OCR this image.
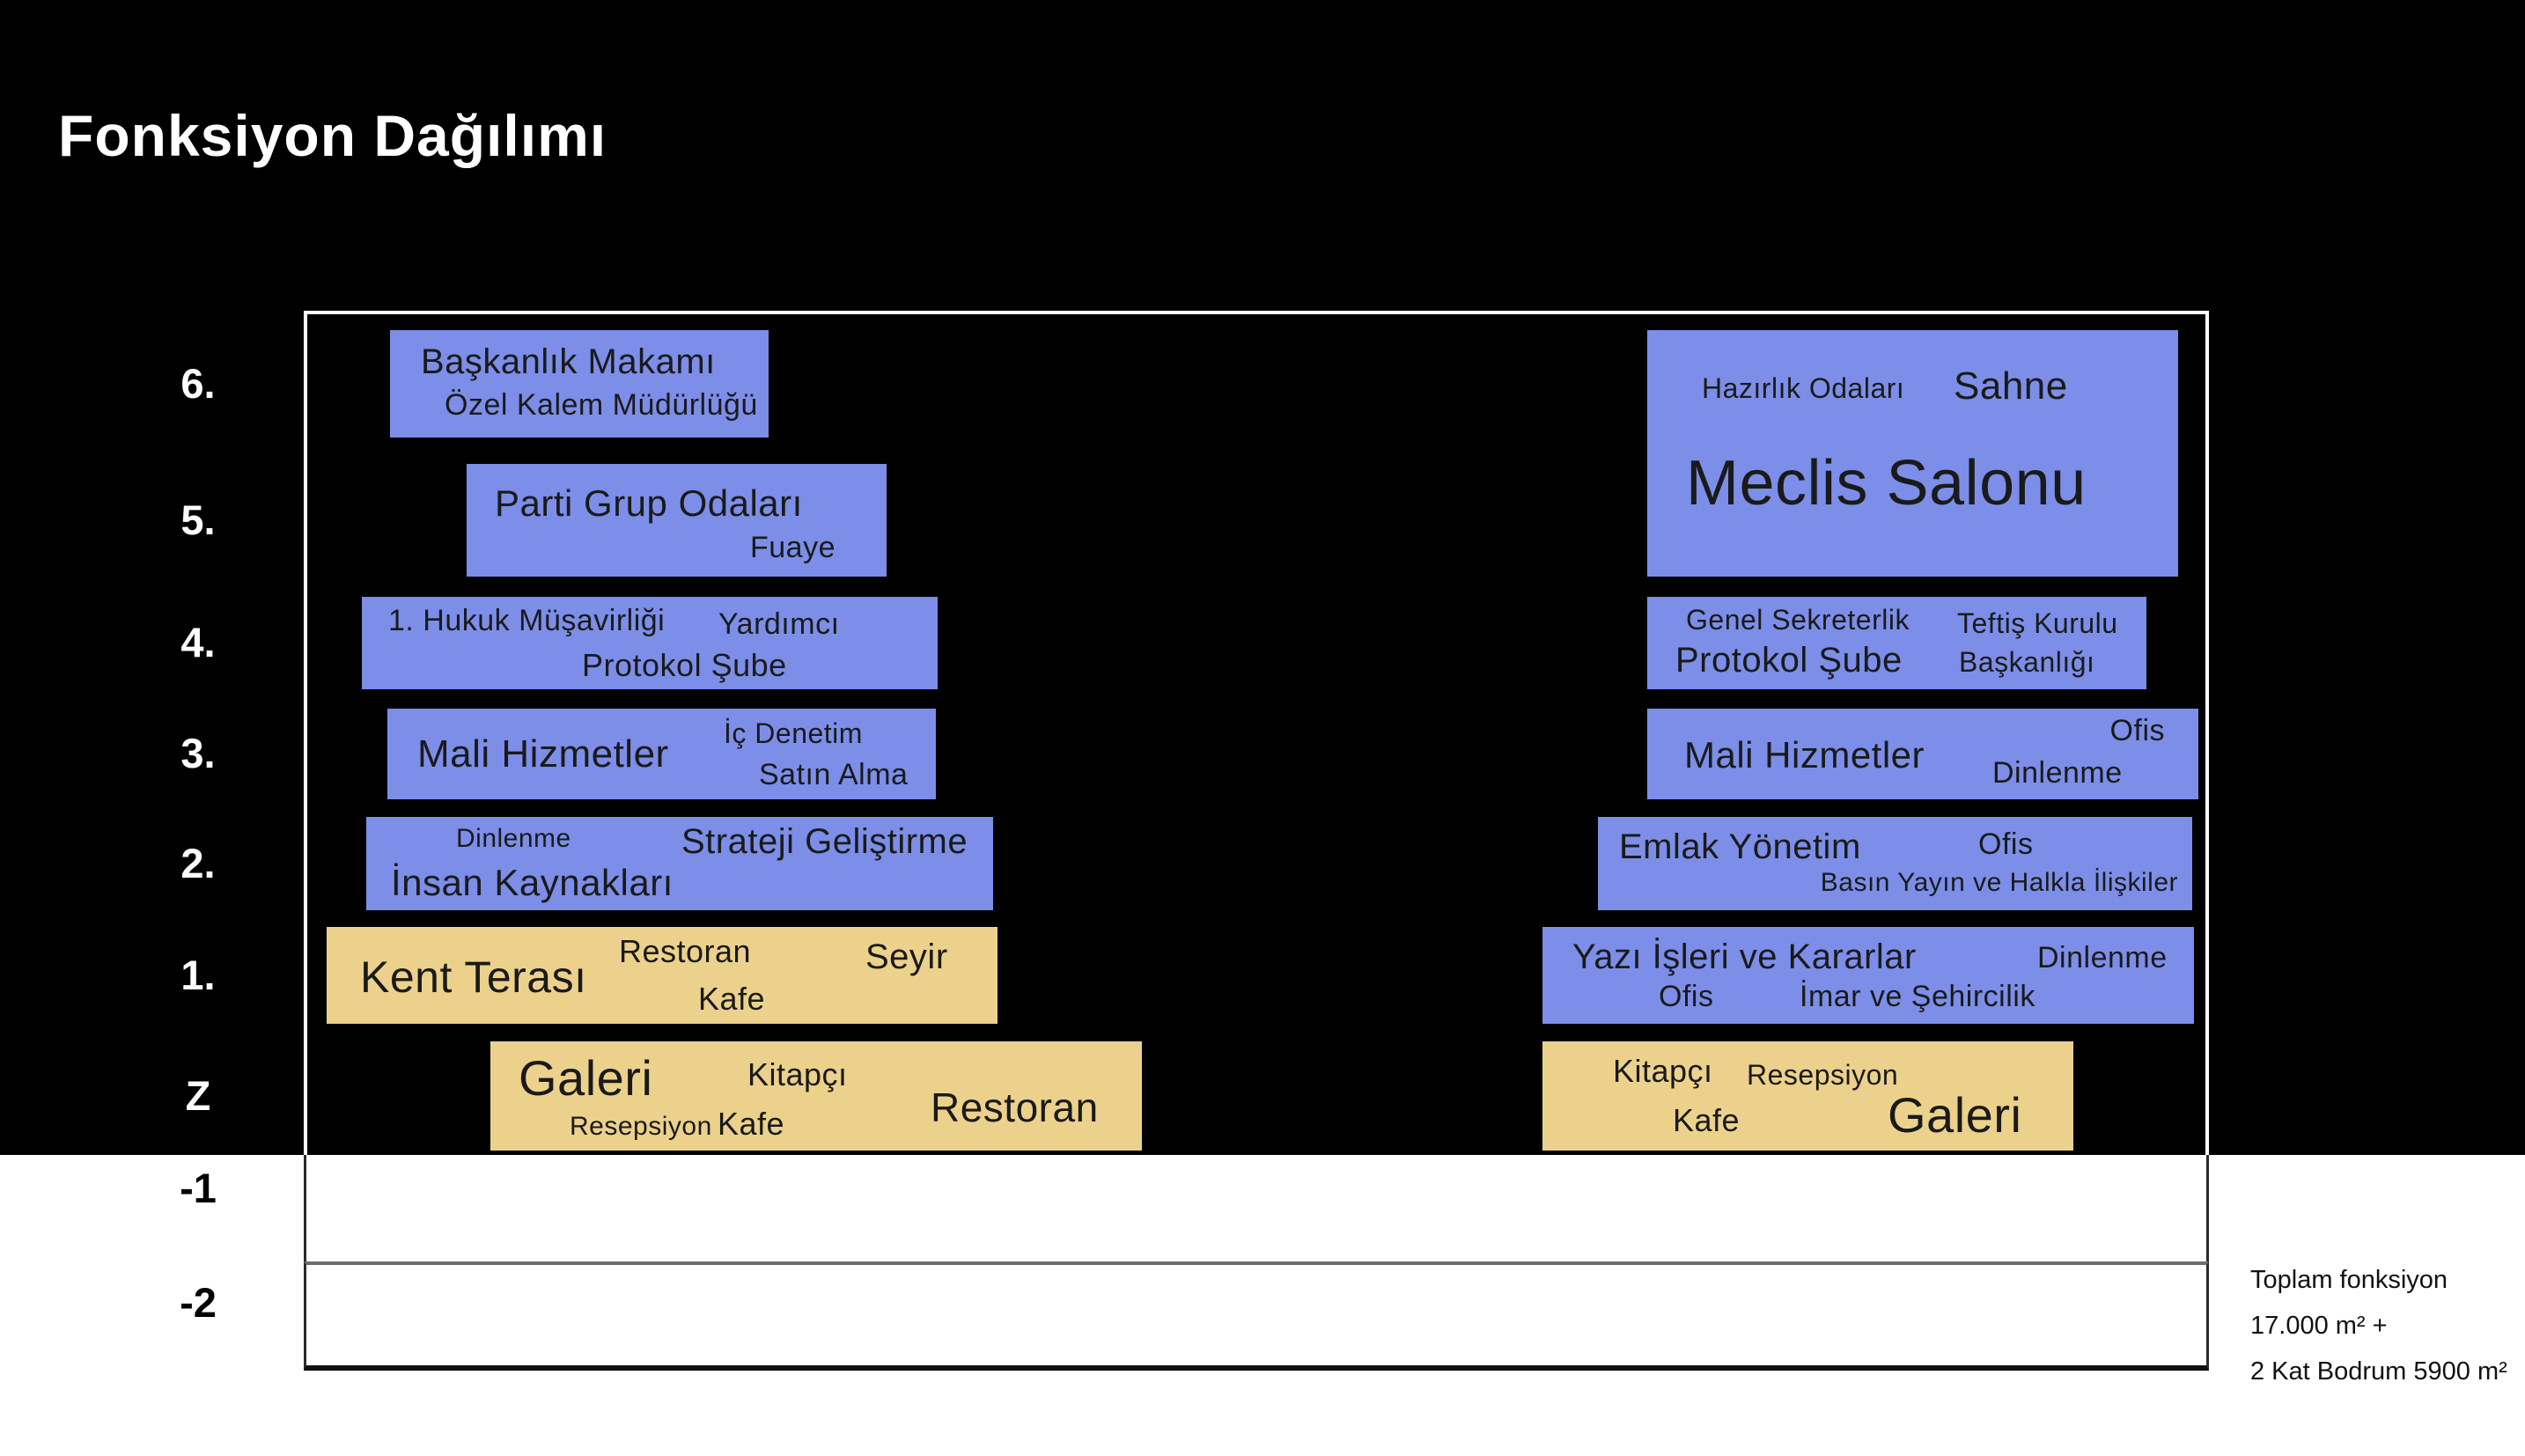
Fonksiyon Dağılımı
6.
5.
4.
3.
2.
1.
Z
-1
-2
Başkanlık Makamı
Özel Kalem Müdürlüğü
Parti Grup Odaları
Fuaye
1. Hukuk Müşavirliği Yardımcı
Protokol Şube
Mali Hizmetler İç Denetim
Satın Alma
Dinlenme	Strateji Geliştirme
İnsan Kaynakları
Kent Terası
Restoran	Seyir
Kafe
Galeri	Kitapçı
Restoran
Resepsiyon Kafe
Hazırlık Odaları Sahne
Meclis Salonu
Genel Sekreterlik
Protokol Şube
Teftiş Kurulu
Başkanlığı
Mali Hizmetler
Ofis
Dinlenme
Emlak Yönetim	Ofis
Basın Yayın ve Halkla İlişkiler
Yazı İşleri ve Kararlar	Dinlenme
Ofis	İmar ve Şehircilik
Kitapçı Resepsiyon
Kafe	Galeri
Toplam fonksiyon
17.000 m² +
2 Kat Bodrum 5900 m²
